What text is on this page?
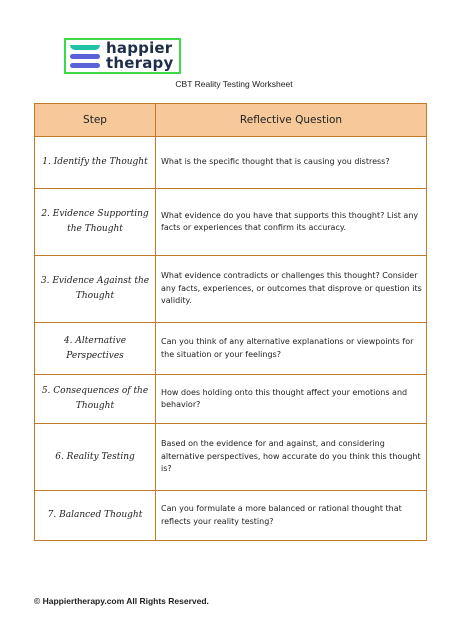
happier
therapy
CBT Reality Testing Worksheet
Step	Reflective Question
1. Identify the Thought	What is the specific thought that is causing you distress?
2. Evidence Supporting the Thought	What evidence do you have that supports this thought? List any facts or experiences that confirm its accuracy.
3. Evidence Against the Thought	What evidence contradicts or challenges this thought? Consider any facts, experiences, or outcomes that disprove or question its validity.
4. Alternative Perspectives	Can you think of any alternative explanations or viewpoints for the situation or your feelings?
5. Consequences of the Thought	How does holding onto this thought affect your emotions and behavior?
6. Reality Testing	Based on the evidence for and against, and considering alternative perspectives, how accurate do you think this thought is?
7. Balanced Thought	Can you formulate a more balanced or rational thought that reflects your reality testing?
© Happiertherapy.com All Rights Reserved.
